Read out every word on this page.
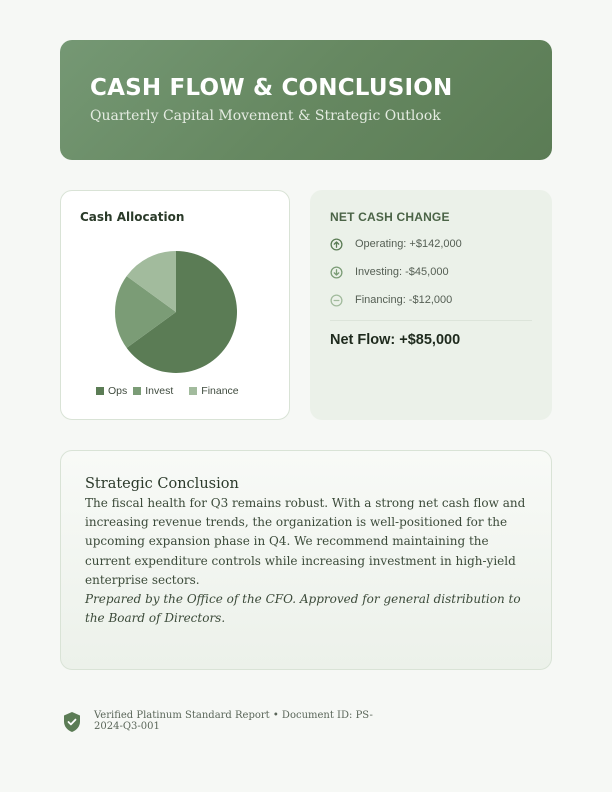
CASH FLOW & CONCLUSION
Quarterly Capital Movement & Strategic Outlook
Cash Allocation
Ops Invest	Finance
NET CASH CHANGE
Operating: +$142,000
Investing: -$45,000
Financing: -$12,000
Net Flow: +$85,000
Strategic Conclusion
The fiscal health for Q3 remains robust. With a strong net cash flow and increasing revenue trends, the organization is well-positioned for the upcoming expansion phase in Q4. We recommend maintaining the current expenditure controls while increasing investment in high-yield enterprise sectors.
Prepared by the Office of the CFO. Approved for general distribution to the Board of Directors.
Verified Platinum Standard Report • Document ID: PS-2024-Q3-001
